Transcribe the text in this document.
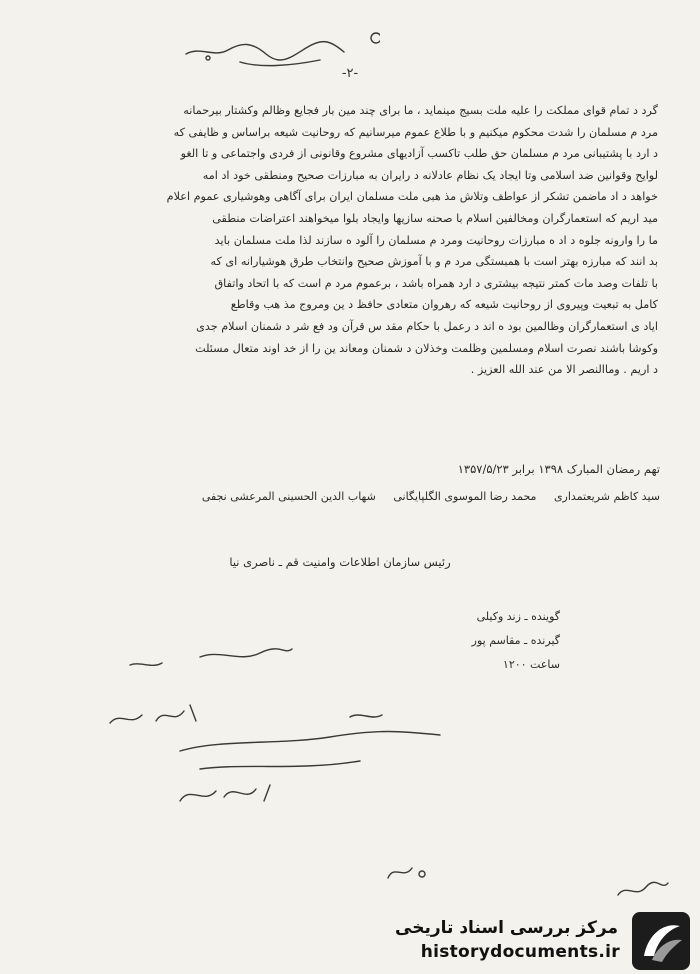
-۲-
گرد د تمام قوای مملکت را علیه ملت بسیج مینماید ، ما برای چند مین بار فجایع وظالم وکشتار بیرحمانه
مرد م مسلمان را شدت محکوم میکنیم و با طلاع عموم میرسانیم که روحانیت شیعه براساس و ظایفی که
د ارد با پشتیبانی مرد م مسلمان حق طلب تاکسب آزادیهای مشروع وقانونی از فردی واجتماعی و تا الغو
لوایح وقوانین ضد اسلامی وتا ایجاد یک نظام عادلانه د رایران به مبارزات صحیح ومنطقی خود اد امه
خواهد د اد ماضمن تشکر از عواطف وتلاش مذ هبی ملت مسلمان ایران برای آگاهی وهوشیاری عموم اعلام
مید اریم که استعمارگران ومخالفین اسلام با صحنه سازیها وایجاد بلوا میخواهند اعتراضات منطقی
ما را وارونه جلوه د اد ه مبارزات روحانیت ومرد م مسلمان را آلود ه سازند لذا ملت مسلمان باید
بد انند که مبارزه بهتر است با همبستگی مرد م و با آموزش صحیح وانتخاب طرق هوشیارانه ای که
با تلفات وصد مات کمتر نتیجه بیشتری د ارد همراه باشد ، برعموم مرد م است که با اتحاد واتفاق
کامل به تبعیت وپیروی از روحانیت شیعه که رهروان متعادی حافظ د ین ومروج مذ هب وقاطع
ایاد ی استعمارگران وظالمین بود ه اند د رعمل با حکام مقد س قرآن ود فع شر د شمنان اسلام جدی
وکوشا باشند نصرت اسلام ومسلمین وظلمت وخذلان د شمنان ومعاند ین را از خد اوند متعال مسئلت
د اریم . وماالنصر الا من عند الله العزیز .
تهم رمضان المبارک ۱۳۹۸ برابر ۱۳۵۷/۵/۲۳
سید کاظم شریعتمداری محمد رضا الموسوی الگلپایگانی شهاب الدین الحسینی المرعشی نجفی
رئیس سازمان اطلاعات وامنیت قم ـ ناصری نیا
گوینده ـ زند وکیلی
گیرنده ـ مقاسم پور
ساعت ۱۲۰۰
مرکز بررسی اسناد تاریخی
historydocuments.ir
